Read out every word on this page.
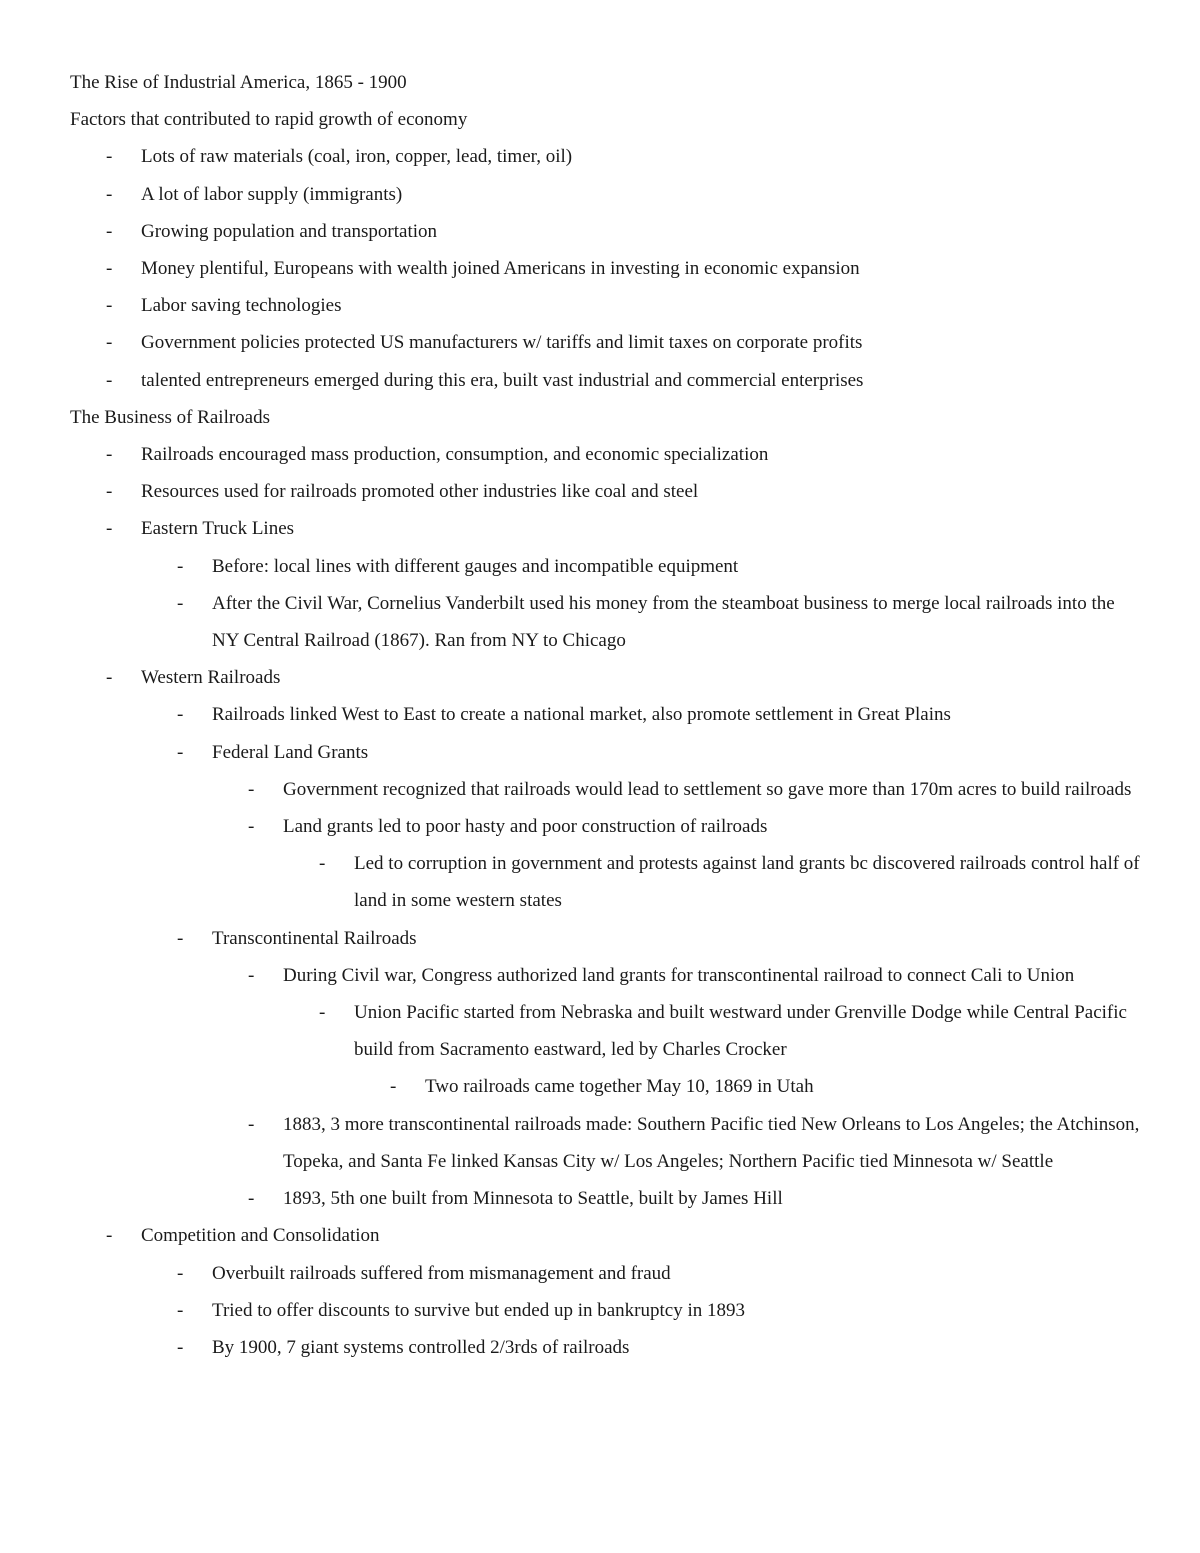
The Rise of Industrial America, 1865 - 1900
Factors that contributed to rapid growth of economy
- Lots of raw materials (coal, iron, copper, lead, timer, oil)
- A lot of labor supply (immigrants)
- Growing population and transportation
- Money plentiful, Europeans with wealth joined Americans in investing in economic expansion
- Labor saving technologies
- Government policies protected US manufacturers w/ tariffs and limit taxes on corporate profits
- talented entrepreneurs emerged during this era, built vast industrial and commercial enterprises
The Business of Railroads
- Railroads encouraged mass production, consumption, and economic specialization
- Resources used for railroads promoted other industries like coal and steel
- Eastern Truck Lines
- Before: local lines with different gauges and incompatible equipment
- After the Civil War, Cornelius Vanderbilt used his money from the steamboat business to merge local railroads into the NY Central Railroad (1867). Ran from NY to Chicago
- Western Railroads
- Railroads linked West to East to create a national market, also promote settlement in Great Plains
- Federal Land Grants
- Government recognized that railroads would lead to settlement so gave more than 170m acres to build railroads
- Land grants led to poor hasty and poor construction of railroads
- Led to corruption in government and protests against land grants bc discovered railroads control half of land in some western states
- Transcontinental Railroads
- During Civil war, Congress authorized land grants for transcontinental railroad to connect Cali to Union
- Union Pacific started from Nebraska and built westward under Grenville Dodge while Central Pacific build from Sacramento eastward, led by Charles Crocker
- Two railroads came together May 10, 1869 in Utah
- 1883, 3 more transcontinental railroads made: Southern Pacific tied New Orleans to Los Angeles; the Atchinson, Topeka, and Santa Fe linked Kansas City w/ Los Angeles; Northern Pacific tied Minnesota w/ Seattle
- 1893, 5th one built from Minnesota to Seattle, built by James Hill
- Competition and Consolidation
- Overbuilt railroads suffered from mismanagement and fraud
- Tried to offer discounts to survive but ended up in bankruptcy in 1893
- By 1900, 7 giant systems controlled 2/3rds of railroads
